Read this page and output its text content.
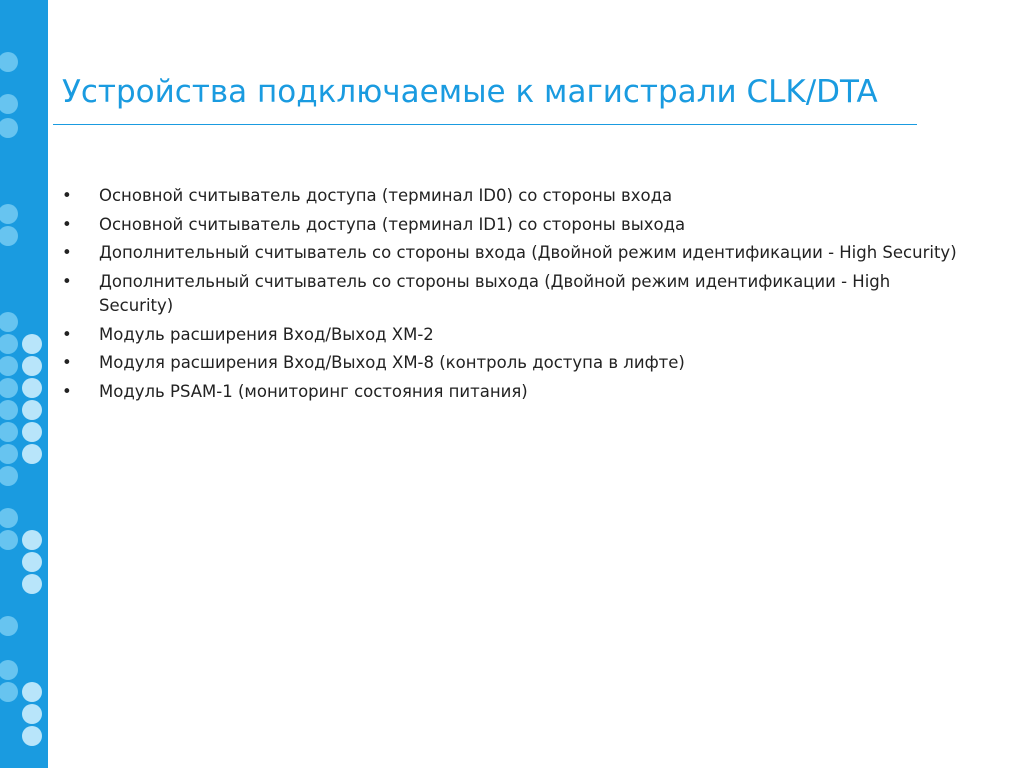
Устройства подключаемые к магистрали CLK/DTA
• Основной считыватель доступа (терминал ID0) со стороны входа
• Основной считыватель доступа (терминал ID1) со стороны выхода
• Дополнительный считыватель со стороны входа (Двойной режим идентификации - High Security)
• Дополнительный считыватель со стороны выхода (Двойной режим идентификации - High Security)
• Модуль расширения Вход/Выход XM-2
• Модуля расширения Вход/Выход XM-8 (контроль доступа в лифте)
• Модуль PSAM-1 (мониторинг состояния питания)
